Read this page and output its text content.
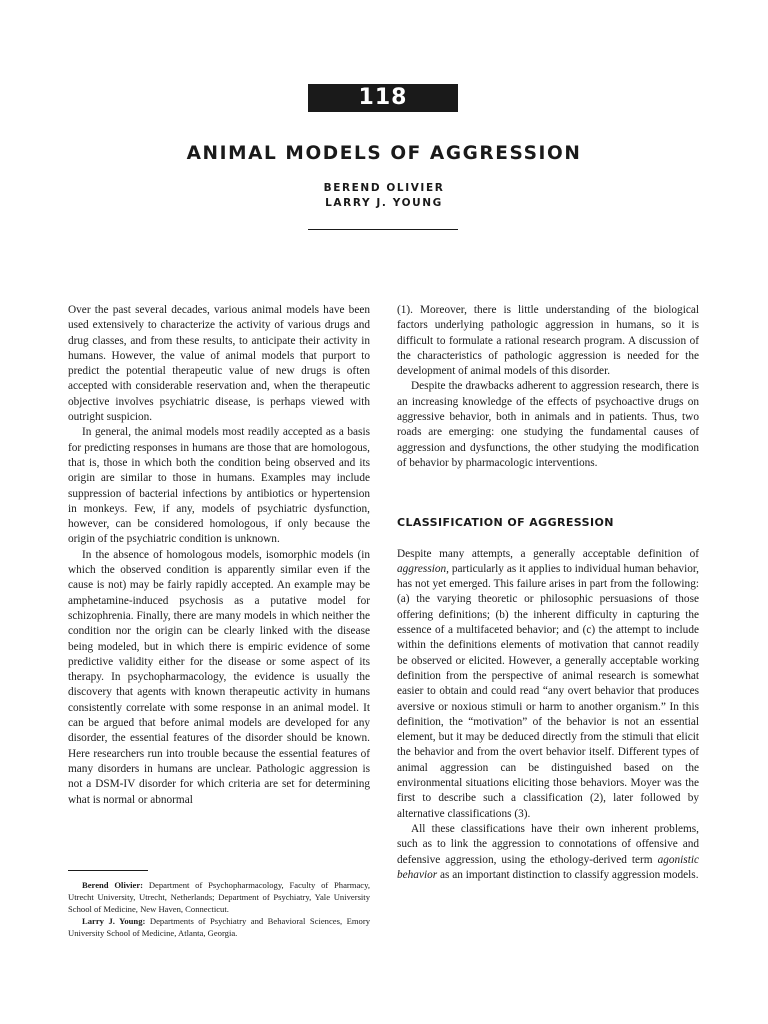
118
ANIMAL MODELS OF AGGRESSION
BEREND OLIVIER
LARRY J. YOUNG

Over the past several decades, various animal models have been used extensively to characterize the activity of various drugs and drug classes, and from these results, to anticipate their activity in humans. However, the value of animal models that purport to predict the potential therapeutic value of new drugs is often accepted with considerable reservation and, when the therapeutic objective involves psychiatric disease, is perhaps viewed with outright suspicion.

In general, the animal models most readily accepted as a basis for predicting responses in humans are those that are homologous, that is, those in which both the condition being observed and its origin are similar to those in humans. Examples may include suppression of bacterial infections by antibiotics or hypertension in monkeys. Few, if any, models of psychiatric dysfunction, however, can be considered homologous, if only because the origin of the psychiatric condition is unknown.

In the absence of homologous models, isomorphic models (in which the observed condition is apparently similar even if the cause is not) may be fairly rapidly accepted. An example may be amphetamine-induced psychosis as a putative model for schizophrenia. Finally, there are many models in which neither the condition nor the origin can be clearly linked with the disease being modeled, but in which there is empiric evidence of some predictive validity either for the disease or some aspect of its therapy. In psychopharmacology, the evidence is usually the discovery that agents with known therapeutic activity in humans consistently correlate with some response in an animal model. It can be argued that before animal models are developed for any disorder, the essential features of the disorder should be known. Here researchers run into trouble because the essential features of many disorders in humans are unclear. Pathologic aggression is not a DSM-IV disorder for which criteria are set for determining what is normal or abnormal

Berend Olivier: Department of Psychopharmacology, Faculty of Pharmacy, Utrecht University, Utrecht, Netherlands; Department of Psychiatry, Yale University School of Medicine, New Haven, Connecticut.

Larry J. Young: Departments of Psychiatry and Behavioral Sciences, Emory University School of Medicine, Atlanta, Georgia.

(1). Moreover, there is little understanding of the biological factors underlying pathologic aggression in humans, so it is difficult to formulate a rational research program. A discussion of the characteristics of pathologic aggression is needed for the development of animal models of this disorder.

Despite the drawbacks adherent to aggression research, there is an increasing knowledge of the effects of psychoactive drugs on aggressive behavior, both in animals and in patients. Thus, two roads are emerging: one studying the fundamental causes of aggression and dysfunctions, the other studying the modification of behavior by pharmacologic interventions.

CLASSIFICATION OF AGGRESSION

Despite many attempts, a generally acceptable definition of aggression, particularly as it applies to individual human behavior, has not yet emerged. This failure arises in part from the following: (a) the varying theoretic or philosophic persuasions of those offering definitions; (b) the inherent difficulty in capturing the essence of a multifaceted behavior; and (c) the attempt to include within the definitions elements of motivation that cannot readily be observed or elicited. However, a generally acceptable working definition from the perspective of animal research is somewhat easier to obtain and could read “any overt behavior that produces aversive or noxious stimuli or harm to another organism.” In this definition, the “motivation” of the behavior is not an essential element, but it may be deduced directly from the stimuli that elicit the behavior and from the overt behavior itself. Different types of animal aggression can be distinguished based on the environmental situations eliciting those behaviors. Moyer was the first to describe such a classification (2), later followed by alternative classifications (3).

All these classifications have their own inherent problems, such as to link the aggression to connotations of offensive and defensive aggression, using the ethology-derived term agonistic behavior as an important distinction to classify aggression models.
